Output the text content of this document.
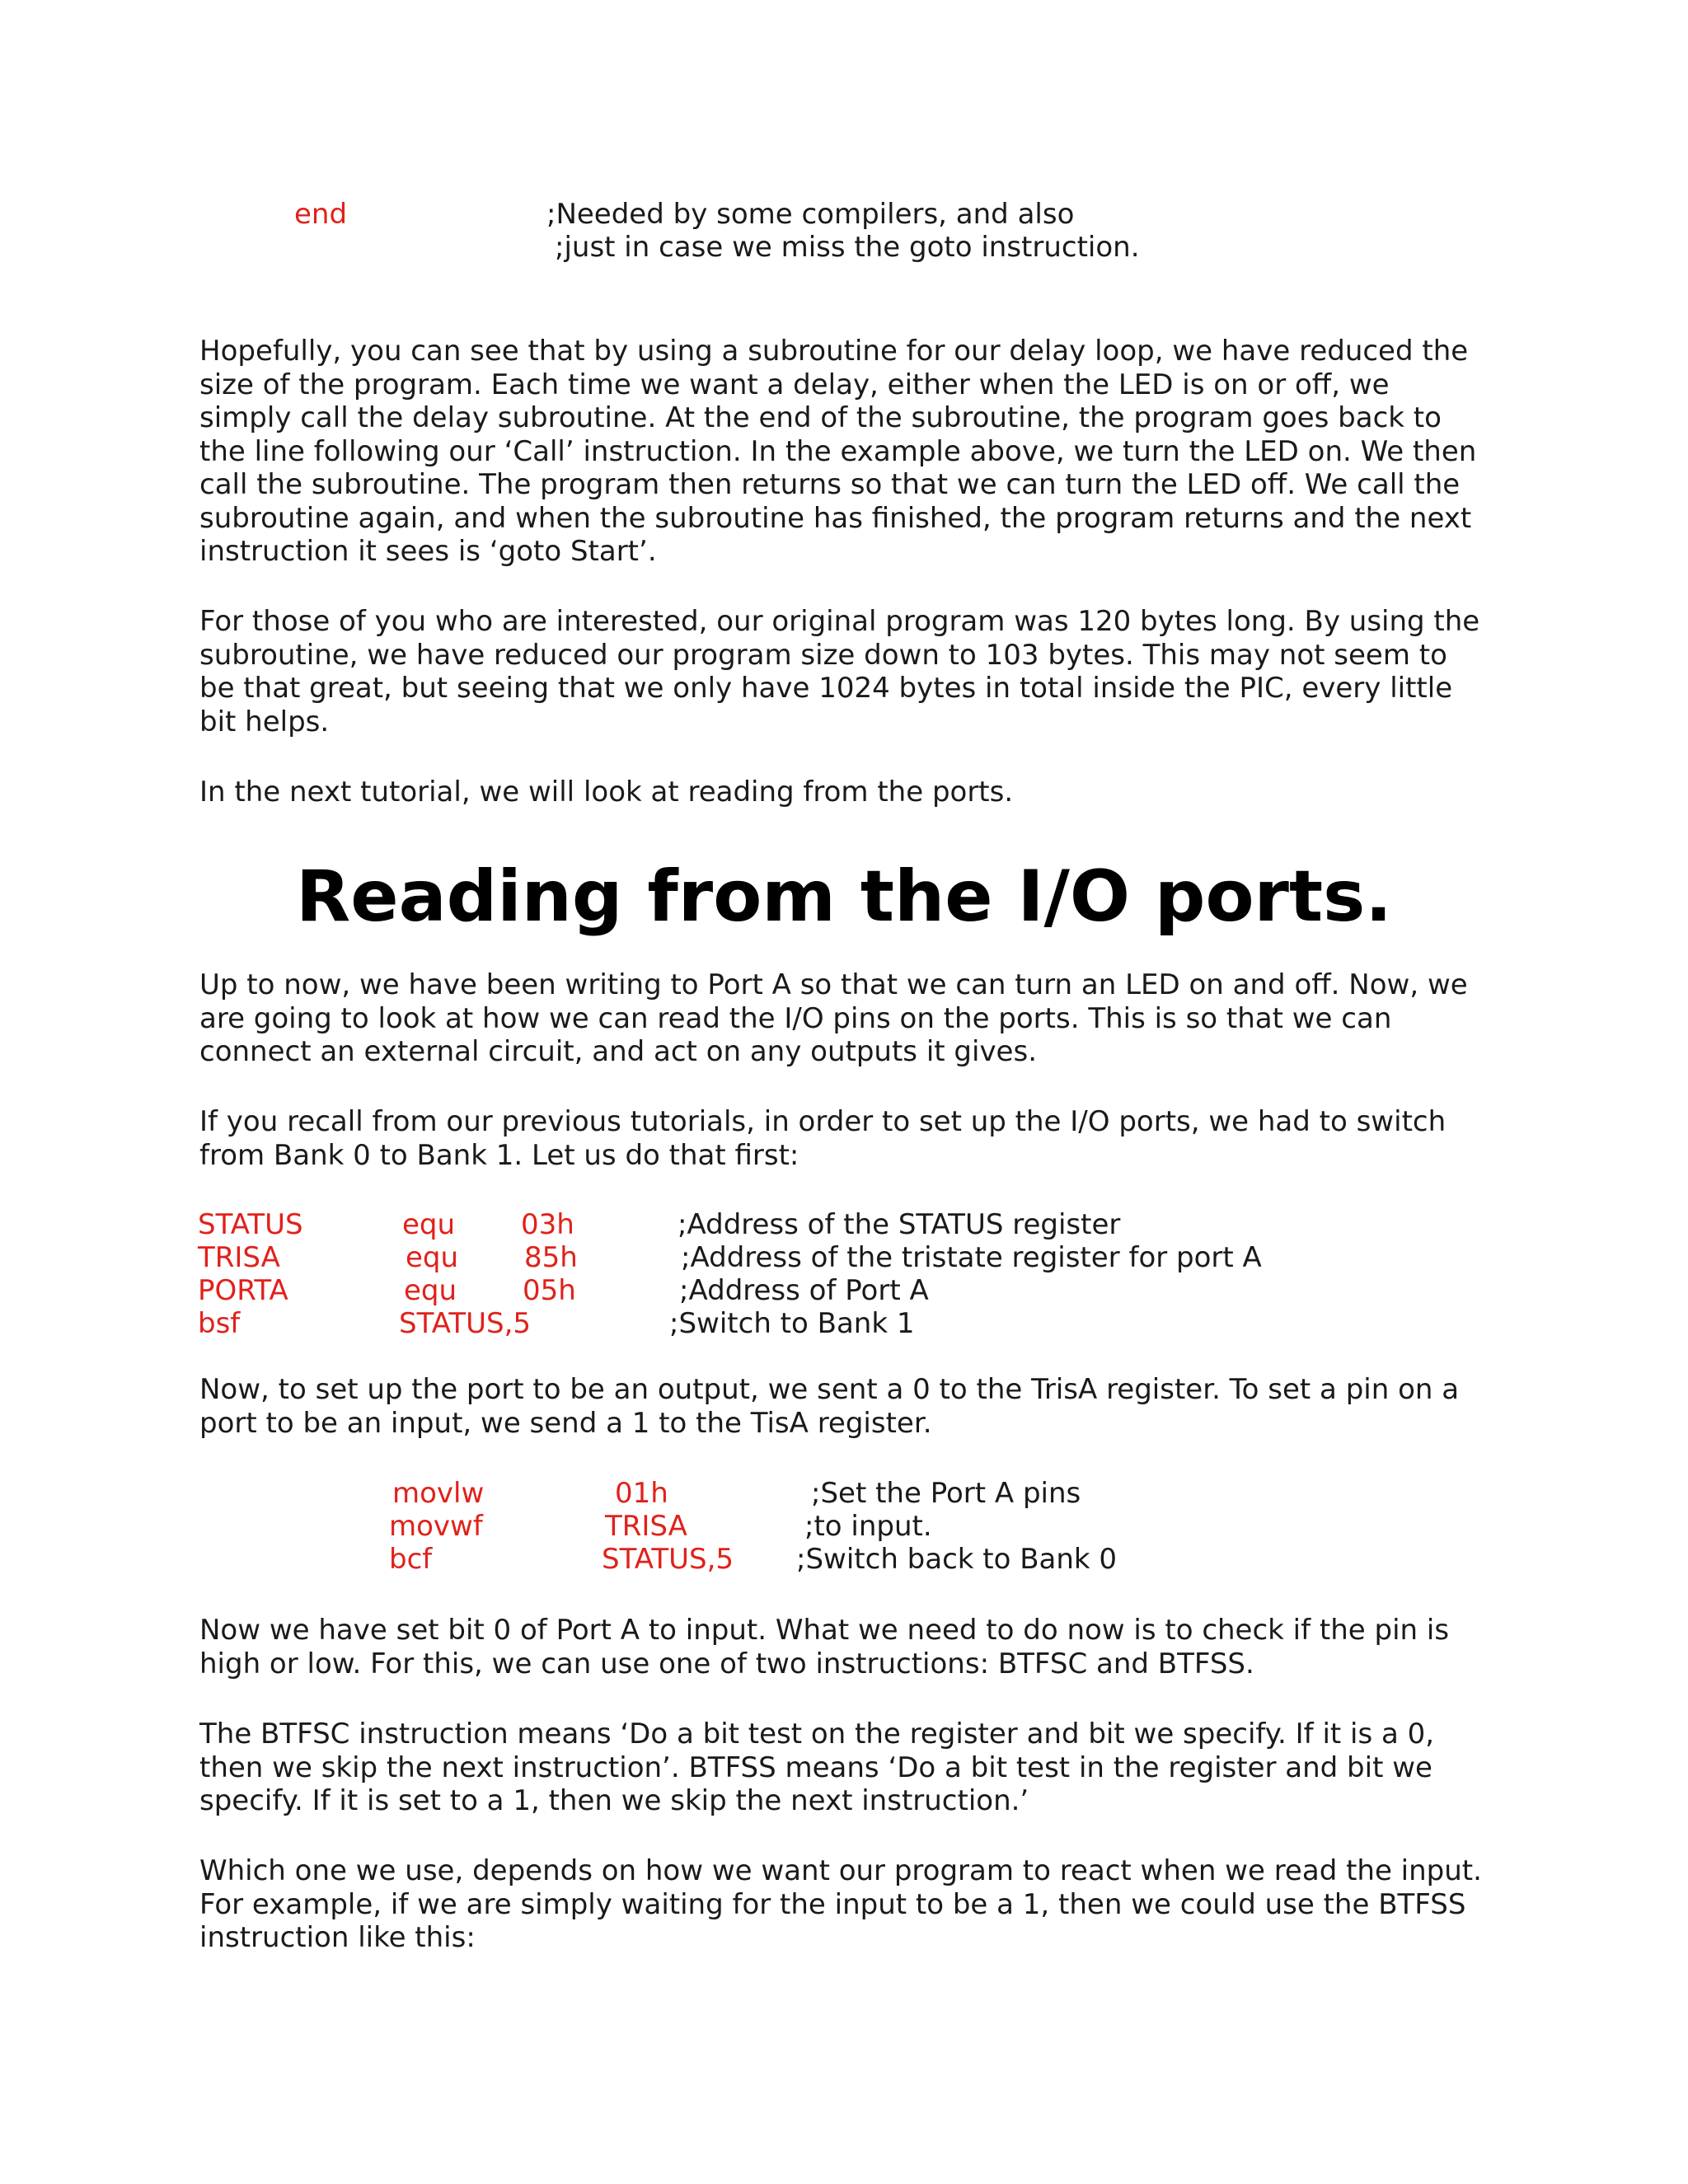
end	;Needed by some compilers, and also
;just in case we miss the goto instruction.
Hopefully, you can see that by using a subroutine for our delay loop, we have reduced the
size of the program. Each time we want a delay, either when the LED is on or off, we
simply call the delay subroutine. At the end of the subroutine, the program goes back to
the line following our ‘Call’ instruction. In the example above, we turn the LED on. We then
call the subroutine. The program then returns so that we can turn the LED off. We call the
subroutine again, and when the subroutine has finished, the program returns and the next
instruction it sees is ‘goto Start’.
For those of you who are interested, our original program was 120 bytes long. By using the
subroutine, we have reduced our program size down to 103 bytes. This may not seem to
be that great, but seeing that we only have 1024 bytes in total inside the PIC, every little
bit helps.
In the next tutorial, we will look at reading from the ports.
Reading from the I/O ports.
Up to now, we have been writing to Port A so that we can turn an LED on and off. Now, we
are going to look at how we can read the I/O pins on the ports. This is so that we can
connect an external circuit, and act on any outputs it gives.
If you recall from our previous tutorials, in order to set up the I/O ports, we had to switch
from Bank 0 to Bank 1. Let us do that first:
STATUS	equ 03h	;Address of the STATUS register
TRISA	equ 85h	;Address of the tristate register for port A
PORTA	equ 05h	;Address of Port A
bsf	STATUS,5	;Switch to Bank 1
Now, to set up the port to be an output, we sent a 0 to the TrisA register. To set a pin on a
port to be an input, we send a 1 to the TisA register.
movlw	01h	;Set the Port A pins
movwf	TRISA	;to input.
bcf	STATUS,5 ;Switch back to Bank 0
Now we have set bit 0 of Port A to input. What we need to do now is to check if the pin is
high or low. For this, we can use one of two instructions: BTFSC and BTFSS.
The BTFSC instruction means ‘Do a bit test on the register and bit we specify. If it is a 0,
then we skip the next instruction’. BTFSS means ‘Do a bit test in the register and bit we
specify. If it is set to a 1, then we skip the next instruction.’
Which one we use, depends on how we want our program to react when we read the input.
For example, if we are simply waiting for the input to be a 1, then we could use the BTFSS
instruction like this:
